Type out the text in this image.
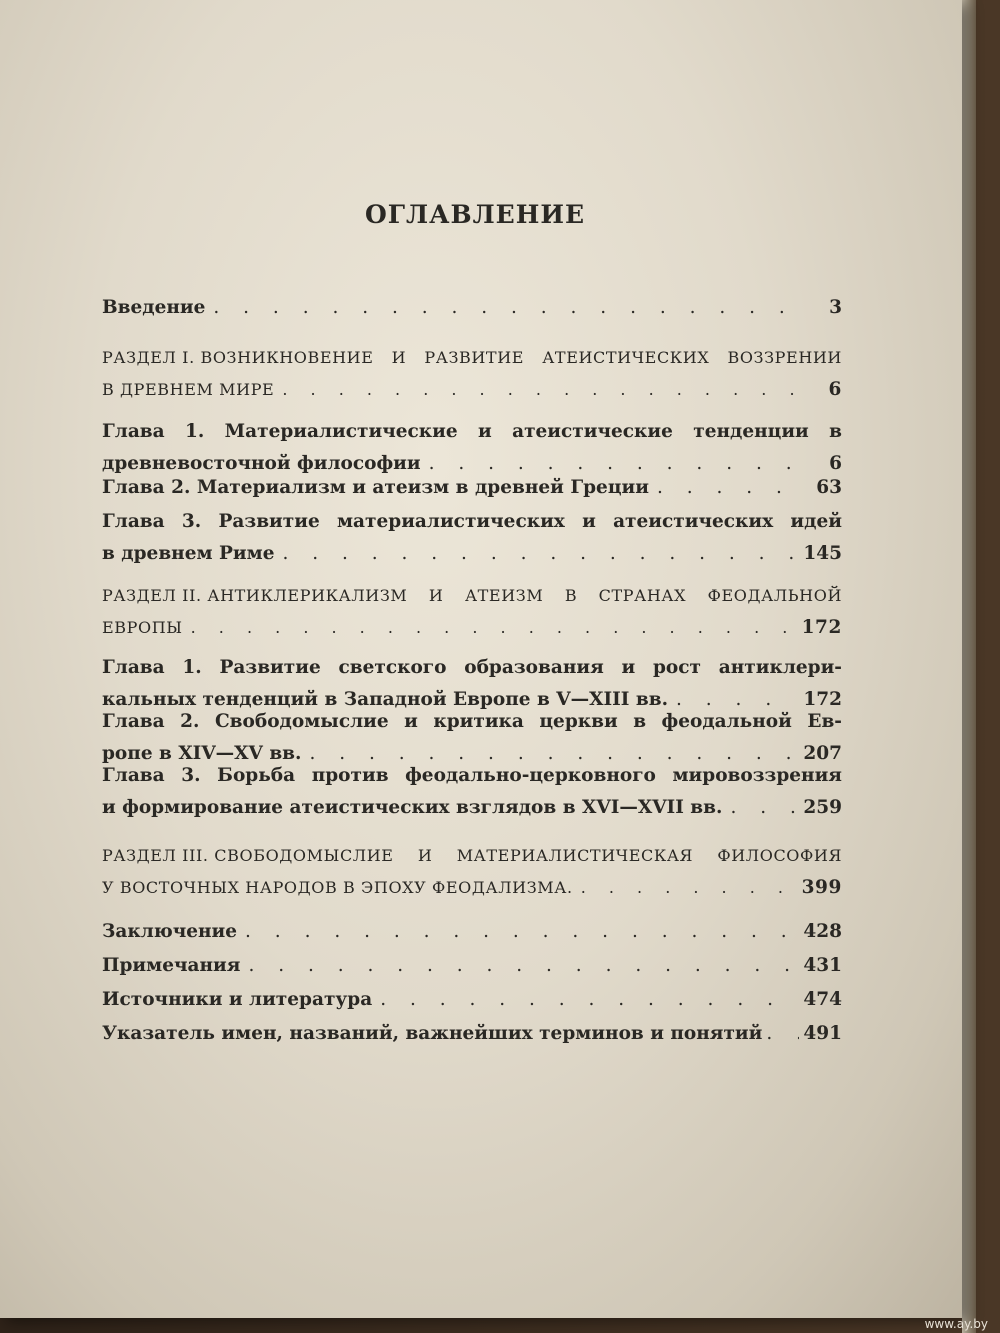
ОГЛАВЛЕНИЕ
Введение . . .	3
РАЗДЕЛ I. ВОЗНИКНОВЕНИЕ И РАЗВИТИЕ АТЕИСТИЧЕСКИХ ВОЗЗРЕНИИ
В ДРЕВНЕМ МИРЕ . . .	6
Глава 1. Материалистические и атеистические тенденции в
древневосточной философии . . .	6
Глава 2. Материализм и атеизм в древней Греции . . .	63
Глава 3. Развитие материалистических и атеистических идей
в древнем Риме . . .	145
РАЗДЕЛ II. АНТИКЛЕРИКАЛИЗМ И АТЕИЗМ В СТРАНАХ ФЕОДАЛЬНОЙ
ЕВРОПЫ . . .	172
Глава 1. Развитие светского образования и рост антиклери-
кальных тенденций в Западной Европе в V—XIII вв. . . .	172
Глава 2. Свободомыслие и критика церкви в феодальной Ев-
ропе в XIV—XV вв. . . .	207
Глава 3. Борьба против феодально-церковного мировоззрения
и формирование атеистических взглядов в XVI—XVII вв. . . .	259
РАЗДЕЛ III. СВОБОДОМЫСЛИЕ И МАТЕРИАЛИСТИЧЕСКАЯ ФИЛОСОФИЯ
У ВОСТОЧНЫХ НАРОДОВ В ЭПОХУ ФЕОДАЛИЗМА. . . .	399
Заключение . . .	428
Примечания . . .	431
Источники и литература . . .	474
Указатель имен, названий, важнейших терминов и понятий . . . 491
www.ay.by
